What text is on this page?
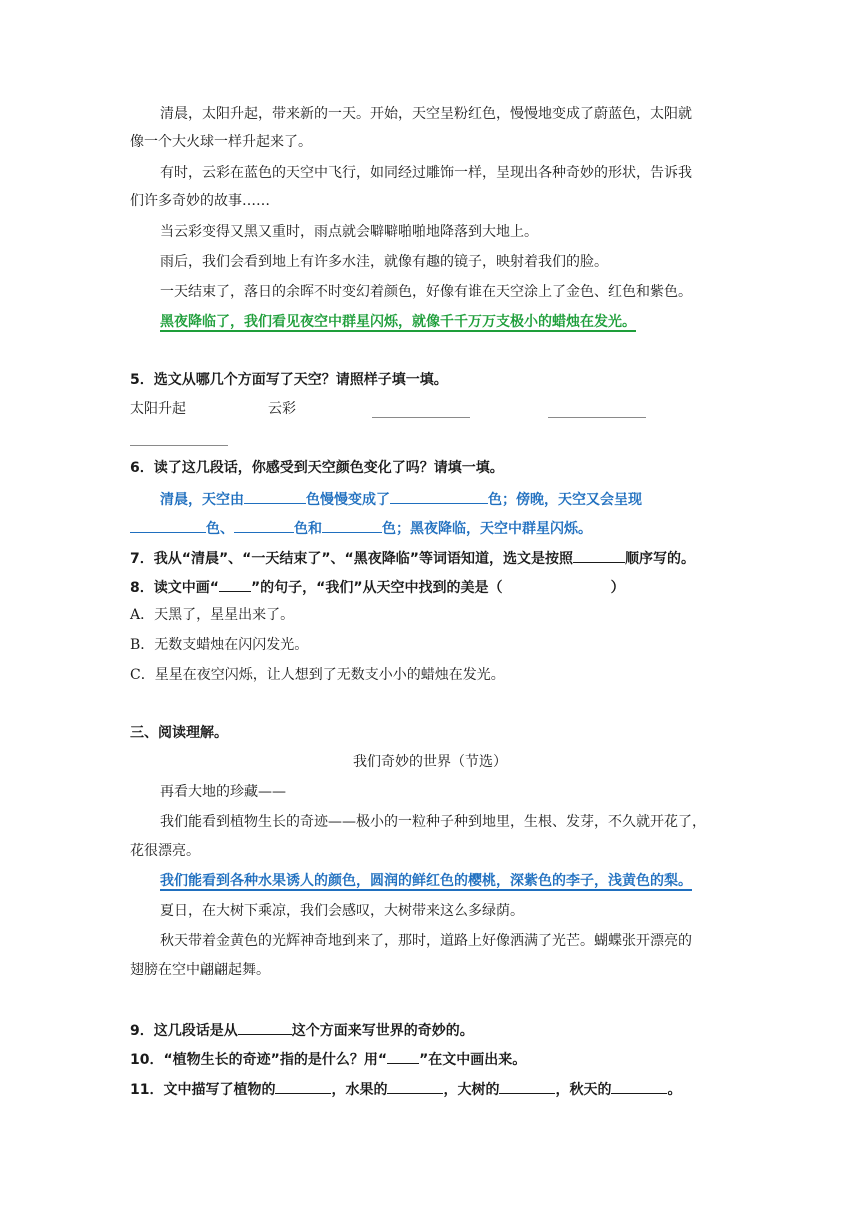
清晨，太阳升起，带来新的一天。开始，天空呈粉红色，慢慢地变成了蔚蓝色，太阳就
像一个大火球一样升起来了。
有时，云彩在蓝色的天空中飞行，如同经过雕饰一样，呈现出各种奇妙的形状，告诉我
们许多奇妙的故事……
当云彩变得又黑又重时，雨点就会噼噼啪啪地降落到大地上。
雨后，我们会看到地上有许多水洼，就像有趣的镜子，映射着我们的脸。
一天结束了，落日的余晖不时变幻着颜色，好像有谁在天空涂上了金色、红色和紫色。
黑夜降临了，我们看见夜空中群星闪烁，就像千千万万支极小的蜡烛在发光。
5．选文从哪几个方面写了天空？请照样子填一填。
太阳升起	云彩
6．读了这几段话，你感受到天空颜色变化了吗？请填一填。
清晨，天空由	色慢慢变成了	色；傍晚，天空又会呈现
色、	色和	色；黑夜降临，天空中群星闪烁。
7．我从“清晨”、“一天结束了”、“黑夜降临”等词语知道，选文是按照	顺序写的。
8．读文中画“ ”的句子，“我们”从天空中找到的美是（	）
A．天黑了，星星出来了。
B．无数支蜡烛在闪闪发光。
C．星星在夜空闪烁，让人想到了无数支小小的蜡烛在发光。
三、阅读理解。
我们奇妙的世界（节选）
再看大地的珍藏——
我们能看到植物生长的奇迹——极小的一粒种子种到地里，生根、发芽，不久就开花了，
花很漂亮。
我们能看到各种水果诱人的颜色，圆润的鲜红色的樱桃，深紫色的李子，浅黄色的梨。
夏日，在大树下乘凉，我们会感叹，大树带来这么多绿荫。
秋天带着金黄色的光辉神奇地到来了，那时，道路上好像洒满了光芒。蝴蝶张开漂亮的
翅膀在空中翩翩起舞。
9．这几段话是从	这个方面来写世界的奇妙的。
10．“植物生长的奇迹”指的是什么？用“ ”在文中画出来。
11．文中描写了植物的	，水果的	，大树的	，秋天的	。
